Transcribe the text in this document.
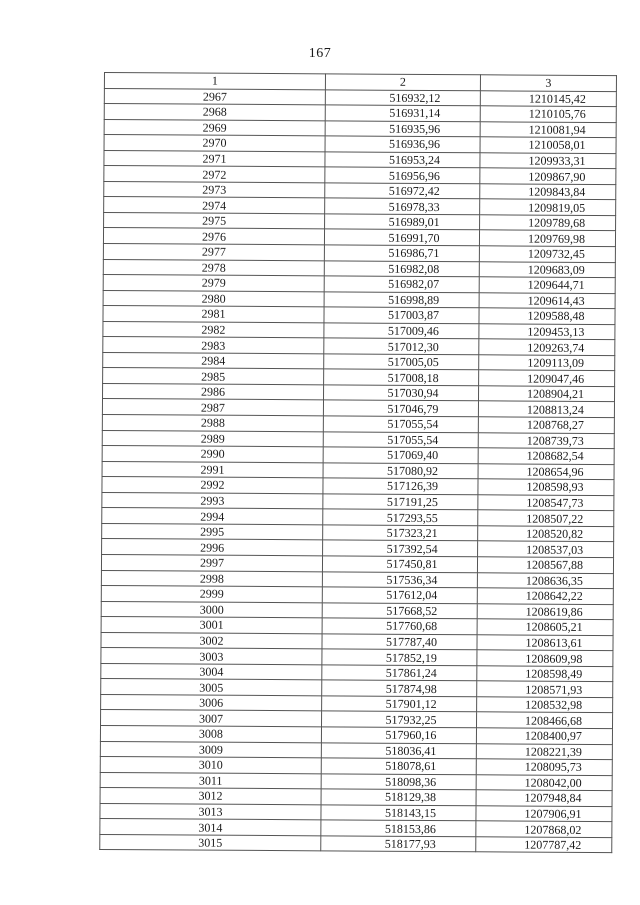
167
1	2	3
2967	516932,12	1210145,42
2968	516931,14	1210105,76
2969	516935,96	1210081,94
2970	516936,96	1210058,01
2971	516953,24	1209933,31
2972	516956,96	1209867,90
2973	516972,42	1209843,84
2974	516978,33	1209819,05
2975	516989,01	1209789,68
2976	516991,70	1209769,98
2977	516986,71	1209732,45
2978	516982,08	1209683,09
2979	516982,07	1209644,71
2980	516998,89	1209614,43
2981	517003,87	1209588,48
2982	517009,46	1209453,13
2983	517012,30	1209263,74
2984	517005,05	1209113,09
2985	517008,18	1209047,46
2986	517030,94	1208904,21
2987	517046,79	1208813,24
2988	517055,54	1208768,27
2989	517055,54	1208739,73
2990	517069,40	1208682,54
2991	517080,92	1208654,96
2992	517126,39	1208598,93
2993	517191,25	1208547,73
2994	517293,55	1208507,22
2995	517323,21	1208520,82
2996	517392,54	1208537,03
2997	517450,81	1208567,88
2998	517536,34	1208636,35
2999	517612,04	1208642,22
3000	517668,52	1208619,86
3001	517760,68	1208605,21
3002	517787,40	1208613,61
3003	517852,19	1208609,98
3004	517861,24	1208598,49
3005	517874,98	1208571,93
3006	517901,12	1208532,98
3007	517932,25	1208466,68
3008	517960,16	1208400,97
3009	518036,41	1208221,39
3010	518078,61	1208095,73
3011	518098,36	1208042,00
3012	518129,38	1207948,84
3013	518143,15	1207906,91
3014	518153,86	1207868,02
3015	518177,93	1207787,42
